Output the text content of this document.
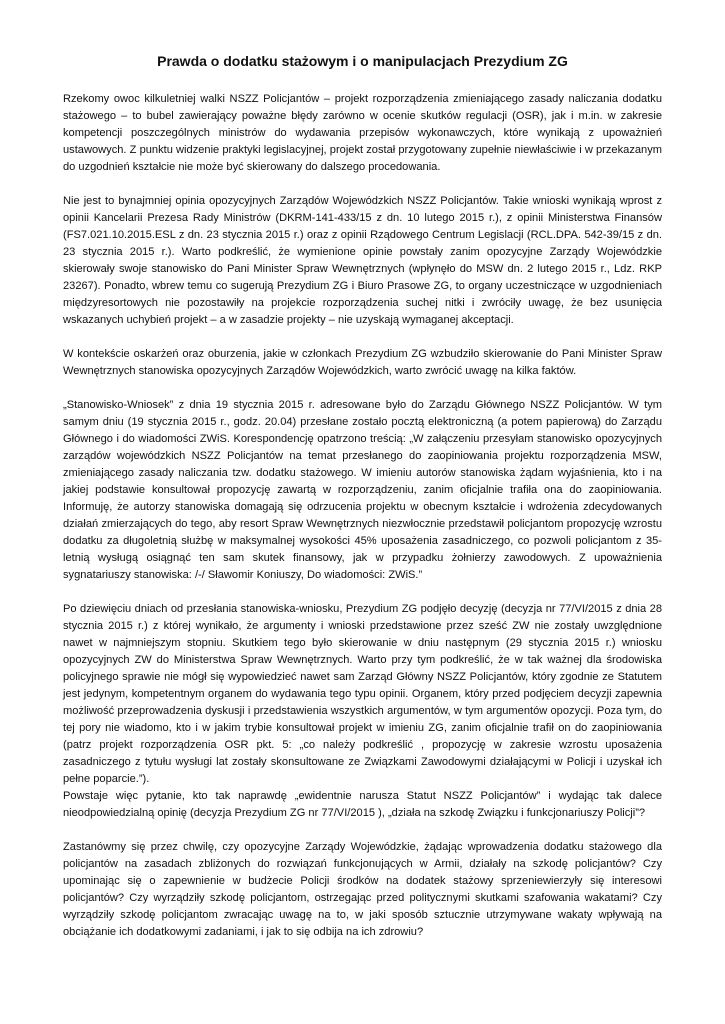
Prawda o dodatku stażowym i o manipulacjach Prezydium ZG

Rzekomy owoc kilkuletniej walki NSZZ Policjantów – projekt rozporządzenia zmieniającego zasady naliczania dodatku stażowego – to bubel zawierający poważne błędy zarówno w ocenie skutków regulacji (OSR), jak i m.in. w zakresie kompetencji poszczególnych ministrów do wydawania przepisów wykonawczych, które wynikają z upoważnień ustawowych. Z punktu widzenie praktyki legislacyjnej, projekt został przygotowany zupełnie niewłaściwie i w przekazanym do uzgodnień kształcie nie może być skierowany do dalszego procedowania.

Nie jest to bynajmniej opinia opozycyjnych Zarządów Wojewódzkich NSZZ Policjantów. Takie wnioski wynikają wprost z opinii Kancelarii Prezesa Rady Ministrów (DKRM-141-433/15 z dn. 10 lutego 2015 r.), z opinii Ministerstwa Finansów (FS7.021.10.2015.ESL z dn. 23 stycznia 2015 r.) oraz z opinii Rządowego Centrum Legislacji (RCL.DPA. 542-39/15 z dn. 23 stycznia 2015 r.). Warto podkreślić, że wymienione opinie powstały zanim opozycyjne Zarządy Wojewódzkie skierowały swoje stanowisko do Pani Minister Spraw Wewnętrznych (wpłynęło do MSW dn. 2 lutego 2015 r., Ldz. RKP 23267). Ponadto, wbrew temu co sugerują Prezydium ZG i Biuro Prasowe ZG, to organy uczestniczące w uzgodnieniach międzyresortowych nie pozostawiły na projekcie rozporządzenia suchej nitki i zwróciły uwagę, że bez usunięcia wskazanych uchybień projekt – a w zasadzie projekty – nie uzyskają wymaganej akceptacji.

W kontekście oskarżeń oraz oburzenia, jakie w członkach Prezydium ZG wzbudziło skierowanie do Pani Minister Spraw Wewnętrznych stanowiska opozycyjnych Zarządów Wojewódzkich, warto zwrócić uwagę na kilka faktów.

„Stanowisko-Wniosek” z dnia 19 stycznia 2015 r. adresowane było do Zarządu Głównego NSZZ Policjantów. W tym samym dniu (19 stycznia 2015 r., godz. 20.04) przesłane zostało pocztą elektroniczną (a potem papierową) do Zarządu Głównego i do wiadomości ZWiS. Korespondencję opatrzono treścią: „W załączeniu przesyłam stanowisko opozycyjnych zarządów wojewódzkich NSZZ Policjantów na temat przesłanego do zaopiniowania projektu rozporządzenia MSW, zmieniającego zasady naliczania tzw. dodatku stażowego. W imieniu autorów stanowiska żądam wyjaśnienia, kto i na jakiej podstawie konsultował propozycję zawartą w rozporządzeniu, zanim oficjalnie trafiła ona do zaopiniowania. Informuję, że autorzy stanowiska domagają się odrzucenia projektu w obecnym kształcie i wdrożenia zdecydowanych działań zmierzających do tego, aby resort Spraw Wewnętrznych niezwłocznie przedstawił policjantom propozycję wzrostu dodatku za długoletnią służbę w maksymalnej wysokości 45% uposażenia zasadniczego, co pozwoli policjantom z 35-letnią wysługą osiągnąć ten sam skutek finansowy, jak w przypadku żołnierzy zawodowych. Z upoważnienia sygnatariuszy stanowiska: /-/ Sławomir Koniuszy, Do wiadomości: ZWiS.”

Po dziewięciu dniach od przesłania stanowiska-wniosku, Prezydium ZG podjęło decyzję (decyzja nr 77/VI/2015 z dnia 28 stycznia 2015 r.) z której wynikało, że argumenty i wnioski przedstawione przez sześć ZW nie zostały uwzględnione nawet w najmniejszym stopniu. Skutkiem tego było skierowanie w dniu następnym (29 stycznia 2015 r.) wniosku opozycyjnych ZW do Ministerstwa Spraw Wewnętrznych. Warto przy tym podkreślić, że w tak ważnej dla środowiska policyjnego sprawie nie mógł się wypowiedzieć nawet sam Zarząd Główny NSZZ Policjantów, który zgodnie ze Statutem jest jedynym, kompetentnym organem do wydawania tego typu opinii. Organem, który przed podjęciem decyzji zapewnia możliwość przeprowadzenia dyskusji i przedstawienia wszystkich argumentów, w tym argumentów opozycji. Poza tym, do tej pory nie wiadomo, kto i w jakim trybie konsultował projekt w imieniu ZG, zanim oficjalnie trafił on do zaopiniowania (patrz projekt rozporządzenia OSR pkt. 5: „co należy podkreślić , propozycję w zakresie wzrostu uposażenia zasadniczego z tytułu wysługi lat zostały skonsultowane ze Związkami Zawodowymi działającymi w Policji i uzyskał ich pełne poparcie.”).

Powstaje więc pytanie, kto tak naprawdę „ewidentnie narusza Statut NSZZ Policjantów” i wydając tak dalece nieodpowiedzialną opinię (decyzja Prezydium ZG nr 77/VI/2015 ), „działa na szkodę Związku i funkcjonariuszy Policji”?

Zastanówmy się przez chwilę, czy opozycyjne Zarządy Wojewódzkie, żądając wprowadzenia dodatku stażowego dla policjantów na zasadach zbliżonych do rozwiązań funkcjonujących w Armii, działały na szkodę policjantów? Czy upominając się o zapewnienie w budżecie Policji środków na dodatek stażowy sprzeniewierzyły się interesowi policjantów? Czy wyrządziły szkodę policjantom, ostrzegając przed politycznymi skutkami szafowania wakatami? Czy wyrządziły szkodę policjantom zwracając uwagę na to, w jaki sposób sztucznie utrzymywane wakaty wpływają na obciążanie ich dodatkowymi zadaniami, i jak to się odbija na ich zdrowiu?
